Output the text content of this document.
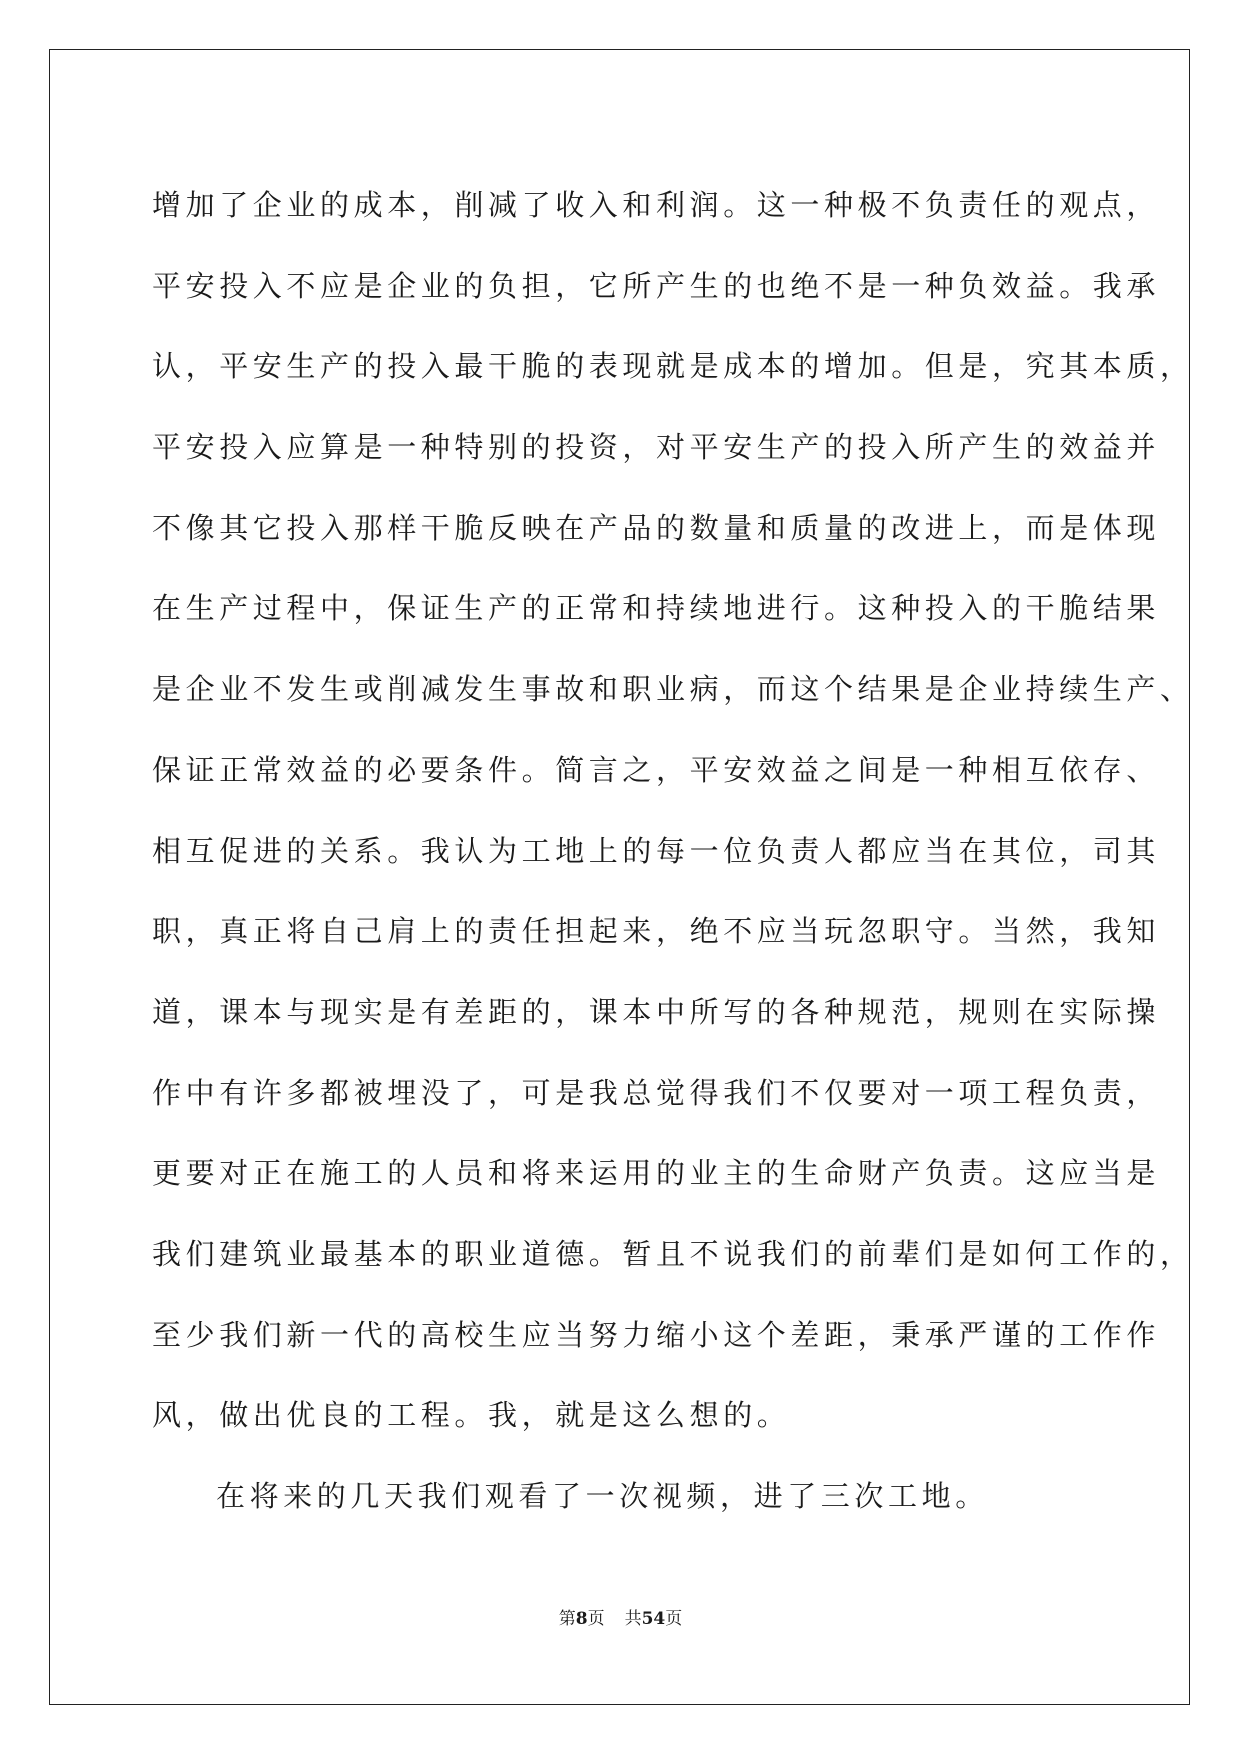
增加了企业的成本，削减了收入和利润。这一种极不负责任的观点，

平安投入不应是企业的负担，它所产生的也绝不是一种负效益。我承

认，平安生产的投入最干脆的表现就是成本的增加。但是，究其本质，

平安投入应算是一种特别的投资，对平安生产的投入所产生的效益并

不像其它投入那样干脆反映在产品的数量和质量的改进上，而是体现

在生产过程中，保证生产的正常和持续地进行。这种投入的干脆结果

是企业不发生或削减发生事故和职业病，而这个结果是企业持续生产、

保证正常效益的必要条件。简言之，平安效益之间是一种相互依存、

相互促进的关系。我认为工地上的每一位负责人都应当在其位，司其

职，真正将自己肩上的责任担起来，绝不应当玩忽职守。当然，我知

道，课本与现实是有差距的，课本中所写的各种规范，规则在实际操

作中有许多都被埋没了，可是我总觉得我们不仅要对一项工程负责，

更要对正在施工的人员和将来运用的业主的生命财产负责。这应当是

我们建筑业最基本的职业道德。暂且不说我们的前辈们是如何工作的，

至少我们新一代的高校生应当努力缩小这个差距，秉承严谨的工作作

风，做出优良的工程。我，就是这么想的。

在将来的几天我们观看了一次视频，进了三次工地。

第8页 共54页
